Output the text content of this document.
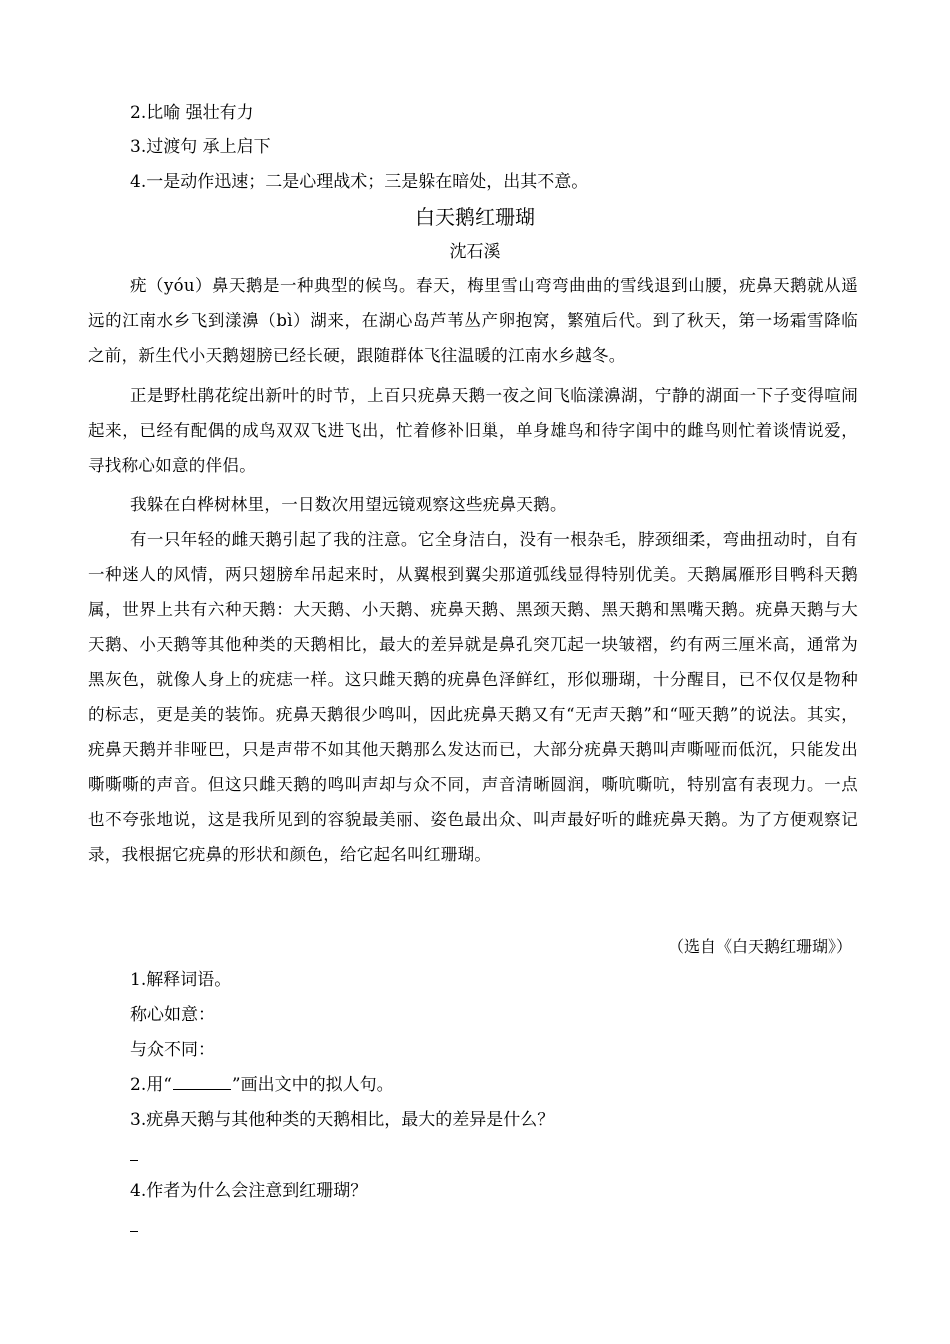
2.比喻 强壮有力
3.过渡句 承上启下
4.一是动作迅速；二是心理战术；三是躲在暗处，出其不意。
白天鹅红珊瑚
沈石溪
疣（yóu）鼻天鹅是一种典型的候鸟。春天，梅里雪山弯弯曲曲的雪线退到山腰，疣鼻天鹅就从遥远的江南水乡飞到漾濞（bì）湖来，在湖心岛芦苇丛产卵抱窝，繁殖后代。到了秋天，第一场霜雪降临之前，新生代小天鹅翅膀已经长硬，跟随群体飞往温暖的江南水乡越冬。
正是野杜鹃花绽出新叶的时节，上百只疣鼻天鹅一夜之间飞临漾濞湖，宁静的湖面一下子变得喧闹起来，已经有配偶的成鸟双双飞进飞出，忙着修补旧巢，单身雄鸟和待字闺中的雌鸟则忙着谈情说爱，寻找称心如意的伴侣。
我躲在白桦树林里，一日数次用望远镜观察这些疣鼻天鹅。
有一只年轻的雌天鹅引起了我的注意。它全身洁白，没有一根杂毛，脖颈细柔，弯曲扭动时，自有一种迷人的风情，两只翅膀牟吊起来时，从翼根到翼尖那道弧线显得特别优美。天鹅属雁形目鸭科天鹅属，世界上共有六种天鹅：大天鹅、小天鹅、疣鼻天鹅、黑颈天鹅、黑天鹅和黑嘴天鹅。疣鼻天鹅与大天鹅、小天鹅等其他种类的天鹅相比，最大的差异就是鼻孔突兀起一块皱褶，约有两三厘米高，通常为黑灰色，就像人身上的疣痣一样。这只雌天鹅的疣鼻色泽鲜红，形似珊瑚，十分醒目，已不仅仅是物种的标志，更是美的装饰。疣鼻天鹅很少鸣叫，因此疣鼻天鹅又有“无声天鹅”和“哑天鹅”的说法。其实，疣鼻天鹅并非哑巴，只是声带不如其他天鹅那么发达而已，大部分疣鼻天鹅叫声嘶哑而低沉，只能发出嘶嘶嘶的声音。但这只雌天鹅的鸣叫声却与众不同，声音清晰圆润，嘶吭嘶吭，特别富有表现力。一点也不夸张地说，这是我所见到的容貌最美丽、姿色最出众、叫声最好听的雌疣鼻天鹅。为了方便观察记录，我根据它疣鼻的形状和颜色，给它起名叫红珊瑚。
（选自《白天鹅红珊瑚》）
1.解释词语。
称心如意：
与众不同：
2.用“	”画出文中的拟人句。
3.疣鼻天鹅与其他种类的天鹅相比，最大的差异是什么？
4.作者为什么会注意到红珊瑚？
